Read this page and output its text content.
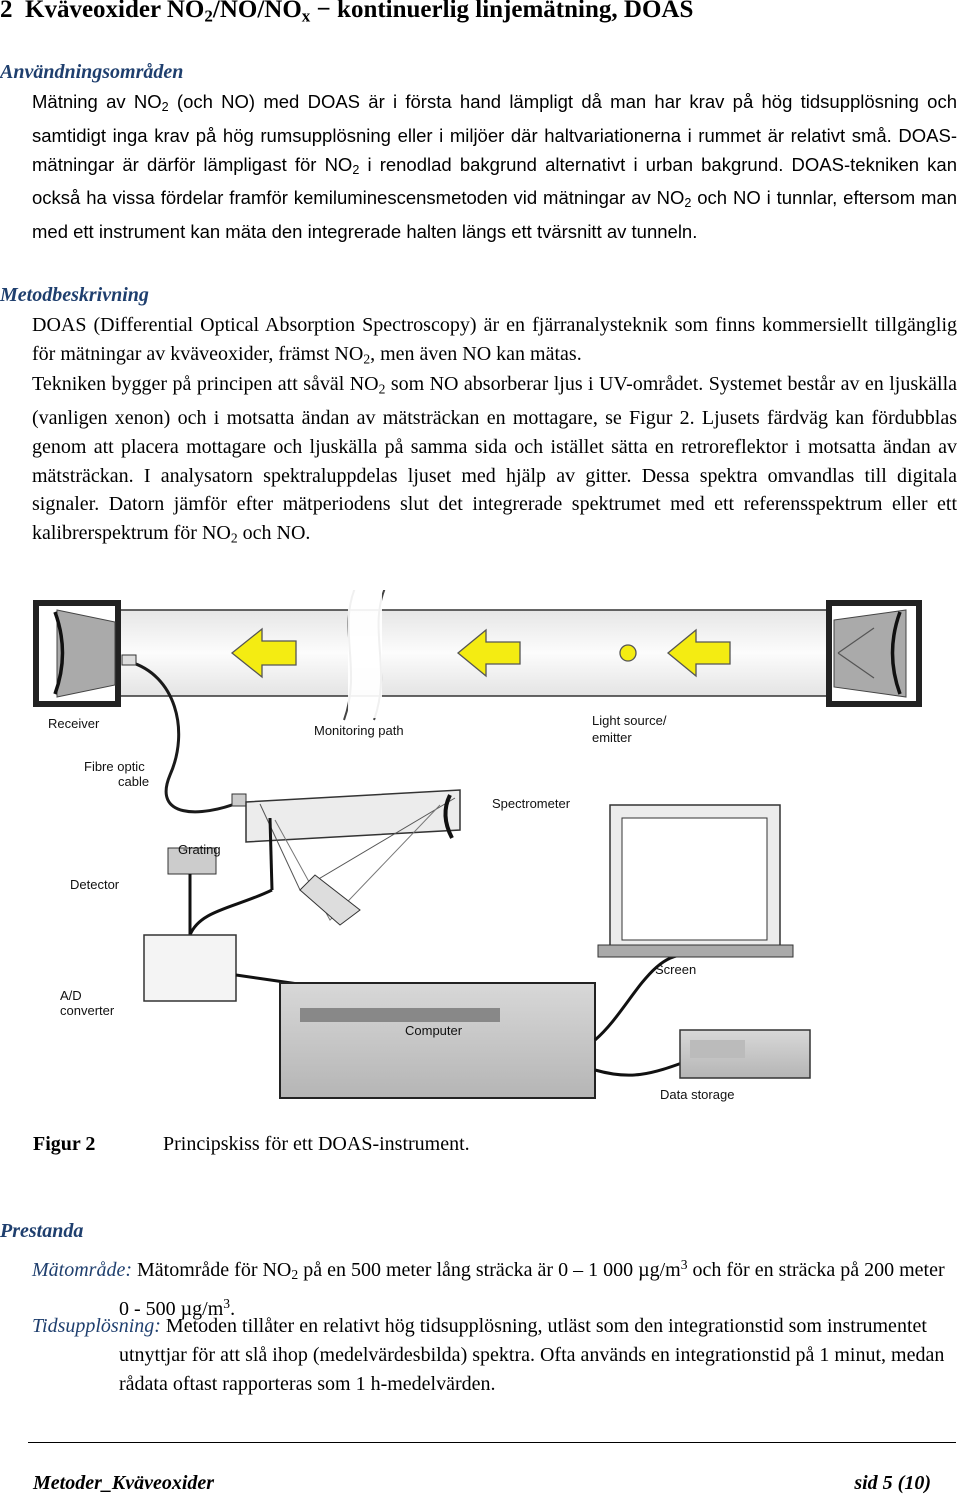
2 Kväveoxider $NO_2/NO/NO_x$ − kontinuerlig linjemätning, DOAS
Användningsområden

Mätning av $NO_2$ (och NO) med DOAS är i första hand lämpligt då man har krav på hög tidsupplösning och samtidigt inga krav på hög rumsupplösning eller i miljöer där haltvariationerna i rummet är relativt små. DOAS-mätningar är därför lämpligast för $NO_2$ i renodlad bakgrund alternativt i urban bakgrund. DOAS-tekniken kan också ha vissa fördelar framför kemiluminescensmetoden vid mätningar av $NO_2$ och NO i tunnlar, eftersom man med ett instrument kan mäta den integrerade halten längs ett tvärsnitt av tunneln.

Metodbeskrivning

DOAS (Differential Optical Absorption Spectroscopy) är en fjärranalysteknik som finns kommersiellt tillgänglig för mätningar av kväveoxider, främst $NO_2$, men även NO kan mätas.

Tekniken bygger på principen att såväl $NO_2$ som NO absorberar ljus i UV-området. Systemet består av en ljuskälla (vanligen xenon) och i motsatta ändan av mätsträckan en mottagare, se Figur 2. Ljusets färdväg kan fördubblas genom att placera mottagare och ljuskälla på samma sida och istället sätta en retroreflektor i motsatta ändan av mätsträckan. I analysatorn spektraluppdelas ljuset med hjälp av gitter. Dessa spektra omvandlas till digitala signaler. Datorn jämför efter mätperiodens slut det integrerade spektrumet med ett referensspektrum eller ett kalibrerspektrum för $NO_2$ och NO.

Receiver	Monitoring path
Light source/
emitter
Fibre optic
cable
Spectrometer
Grating
Detector
Screen
A/D
converter
Computer
Data storage
Figur 2	Principskiss för ett DOAS-instrument.
Prestanda

Mätområde: Mätområde för $NO_2$ på en 500 meter lång sträcka är 0 – 1 000 $\mu g/m^3$ och för en sträcka på 200 meter 0 - 500 $\mu g/m^3$.

Tidsupplösning: Metoden tillåter en relativt hög tidsupplösning, utläst som den integrationstid som instrumentet utnyttjar för att slå ihop (medelvärdesbilda) spektra. Ofta används en integrationstid på 1 minut, medan rådata oftast rapporteras som 1 h-medelvärden.

Metoder_Kväveoxider	sid 5 (10)
